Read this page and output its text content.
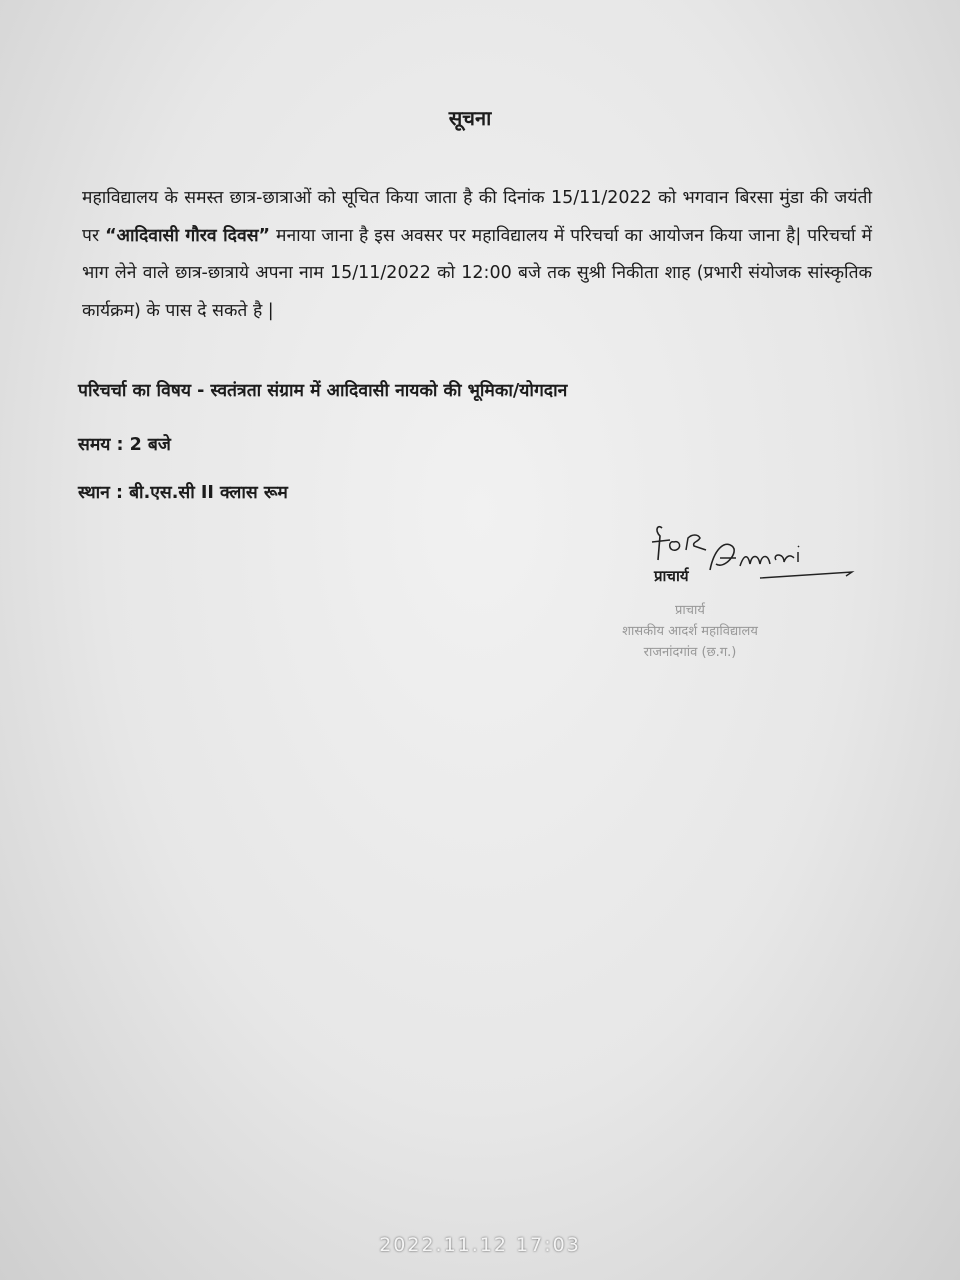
सूचना
महाविद्यालय के समस्त छात्र-छात्राओं को सूचित किया जाता है की दिनांक 15/11/2022 को भगवान बिरसा मुंडा की जयंती पर “आदिवासी गौरव दिवस” मनाया जाना है इस अवसर पर महाविद्यालय में परिचर्चा का आयोजन किया जाना है| परिचर्चा में भाग लेने वाले छात्र-छात्राये अपना नाम 15/11/2022 को 12:00 बजे तक सुश्री निकीता शाह (प्रभारी संयोजक सांस्कृतिक कार्यक्रम) के पास दे सकते है |
परिचर्चा का विषय - स्वतंत्रता संग्राम में आदिवासी नायको की भूमिका/योगदान
समय : 2 बजे
स्थान : बी.एस.सी II क्लास रूम
प्राचार्य
प्राचार्य
शासकीय आदर्श महाविद्यालय
राजनांदगांव (छ.ग.)
2022.11.12 17:03
